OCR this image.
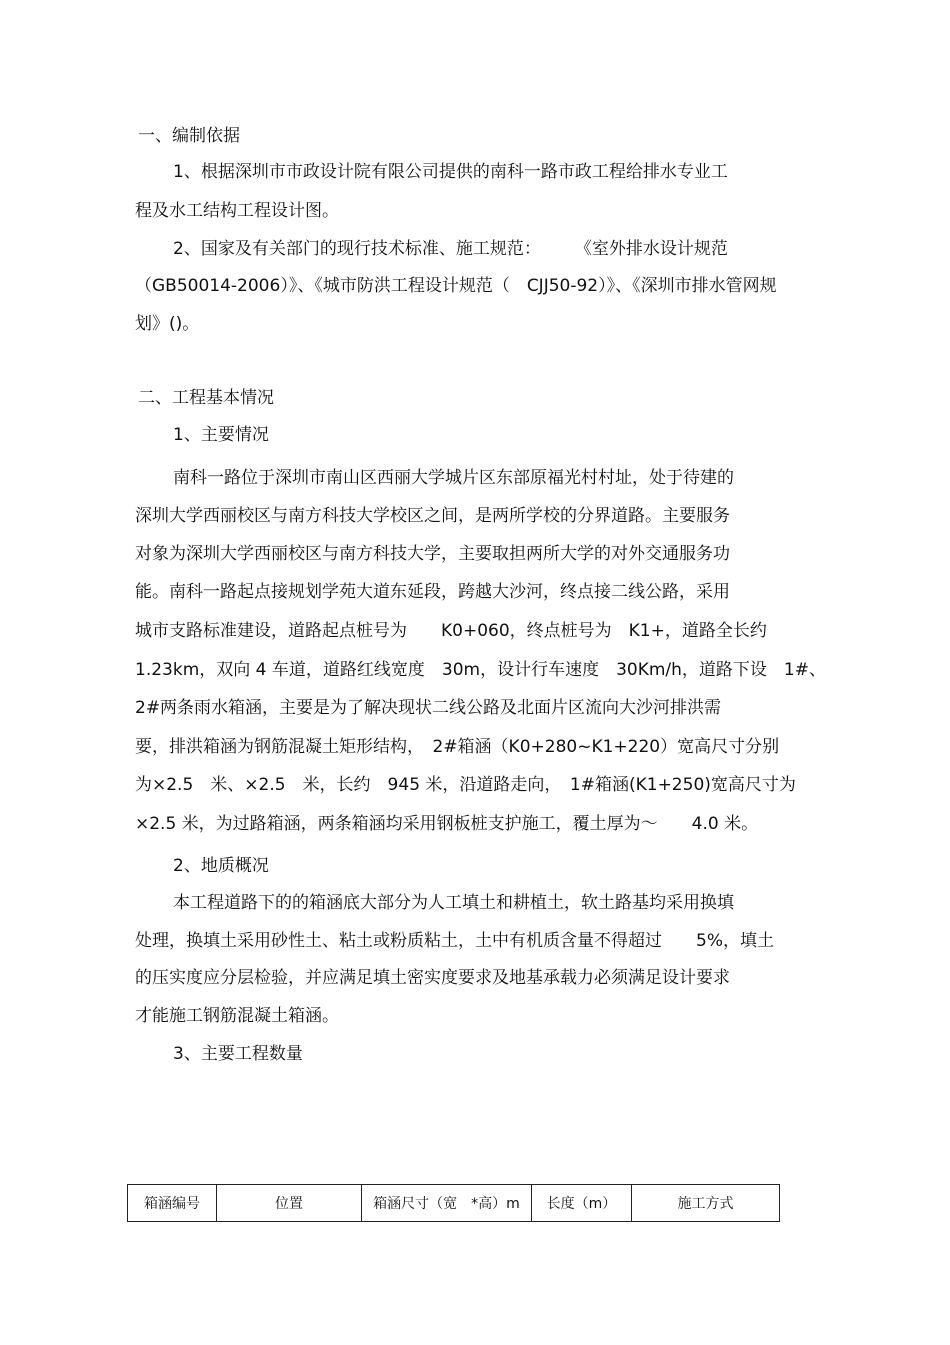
一、编制依据
1、根据深圳市市政设计院有限公司提供的南科一路市政工程给排水专业工
程及水工结构工程设计图。
2、国家及有关部门的现行技术标准、施工规范：　　　《室外排水设计规范
（GB50014-2006）》、《城市防洪工程设计规范（　CJJ50-92）》、《深圳市排水管网规
划》()。
二、工程基本情况
1、主要情况
南科一路位于深圳市南山区西丽大学城片区东部原福光村村址，处于待建的
深圳大学西丽校区与南方科技大学校区之间，是两所学校的分界道路。主要服务
对象为深圳大学西丽校区与南方科技大学，主要取担两所大学的对外交通服务功
能。南科一路起点接规划学苑大道东延段，跨越大沙河，终点接二线公路，采用
城市支路标准建设，道路起点桩号为　　K0+060，终点桩号为　K1+，道路全长约
1.23km，双向 4 车道，道路红线宽度　30m，设计行车速度　30Km/h，道路下设　1#、
2#两条雨水箱涵，主要是为了解决现状二线公路及北面片区流向大沙河排洪需
要，排洪箱涵为钢筋混凝土矩形结构，　2#箱涵（K0+280~K1+220）宽高尺寸分别
为×2.5　米、×2.5　米，长约　945 米，沿道路走向，　1#箱涵(K1+250)宽高尺寸为
×2.5 米，为过路箱涵，两条箱涵均采用钢板桩支护施工，覆土厚为～　　4.0 米。
2、地质概况
本工程道路下的的箱涵底大部分为人工填土和耕植土，软土路基均采用换填
处理，换填土采用砂性土、粘土或粉质粘土，土中有机质含量不得超过　　5%，填土
的压实度应分层检验，并应满足填土密实度要求及地基承载力必须满足设计要求
才能施工钢筋混凝土箱涵。
3、主要工程数量
箱涵编号	位置	箱涵尺寸（宽　*高）m	长度（m）	施工方式
